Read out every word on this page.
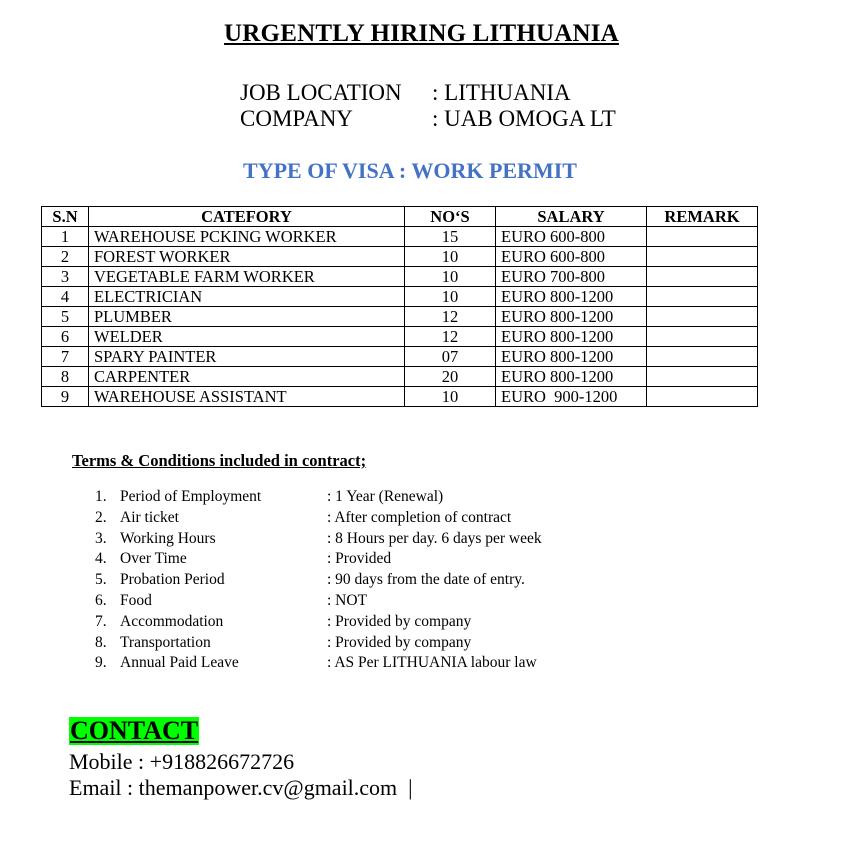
URGENTLY HIRING LITHUANIA
JOB LOCATION : LITHUANIA
COMPANY	: UAB OMOGA LT
TYPE OF VISA : WORK PERMIT
S.N	CATEFORY	NO‘S	SALARY	REMARK
1	WAREHOUSE PCKING WORKER	15	EURO 600-800	
2	FOREST WORKER	10	EURO 600-800	
3	VEGETABLE FARM WORKER	10	EURO 700-800	
4	ELECTRICIAN	10	EURO 800-1200	
5	PLUMBER	12	EURO 800-1200	
6	WELDER	12	EURO 800-1200	
7	SPARY PAINTER	07	EURO 800-1200	
8	CARPENTER	20	EURO 800-1200	
9	WAREHOUSE ASSISTANT	10	EURO  900-1200	
Terms & Conditions included in contract;
1. Period of Employment	: 1 Year (Renewal)
2. Air ticket	: After completion of contract
3. Working Hours	: 8 Hours per day. 6 days per week
4. Over Time	: Provided
5. Probation Period	: 90 days from the date of entry.
6. Food	: NOT
7. Accommodation	: Provided by company
8. Transportation	: Provided by company
9. Annual Paid Leave	: AS Per LITHUANIA labour law
CONTACT
Mobile : +918826672726
Email : themanpower.cv@gmail.com  |
